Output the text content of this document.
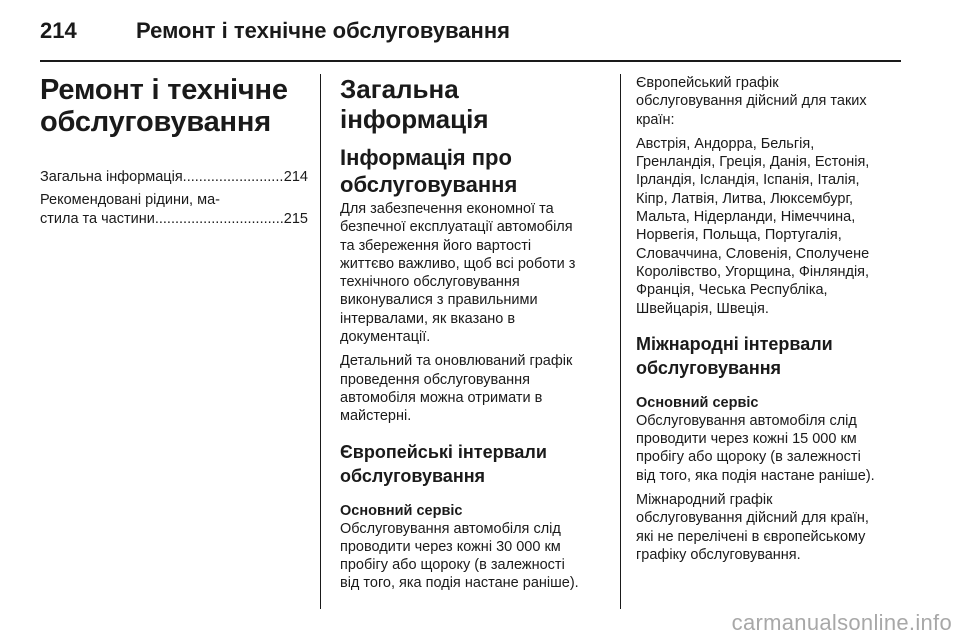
214	Ремонт і технічне обслуговування
Ремонт і технічне
обслуговування
Загальна інформація .....	214
Рекомендовані рідини, ма-
стила та частини .....	215
Загальна інформація
Інформація про
обслуговування

Для забезпечення економної та
безпечної експлуатації автомобіля
та збереження його вартості
життєво важливо, щоб всі роботи з
технічного обслуговування
виконувалися з правильними
інтервалами, як вказано в
документації.

Детальний та оновлюваний графік
проведення обслуговування
автомобіля можна отримати в
майстерні.

Європейські інтервали
обслуговування
Основний сервіс

Обслуговування автомобіля слід
проводити через кожні 30 000 км
пробігу або щороку (в залежності
від того, яка подія настане раніше).

Європейський графік
обслуговування дійсний для таких
країн:

Австрія, Андорра, Бельгія,
Гренландія, Греція, Данія, Естонія,
Ірландія, Ісландія, Іспанія, Італія,
Кіпр, Латвія, Литва, Люксембург,
Мальта, Нідерланди, Німеччина,
Норвегія, Польща, Португалія,
Словаччина, Словенія, Сполучене
Королівство, Угорщина, Фінляндія,
Франція, Чеська Республіка,
Швейцарія, Швеція.

Міжнародні інтервали
обслуговування
Основний сервіс

Обслуговування автомобіля слід
проводити через кожні 15 000 км
пробігу або щороку (в залежності
від того, яка подія настане раніше).

Міжнародний графік
обслуговування дійсний для країн,
які не перелічені в європейському
графіку обслуговування.

carmanualsonline.info
